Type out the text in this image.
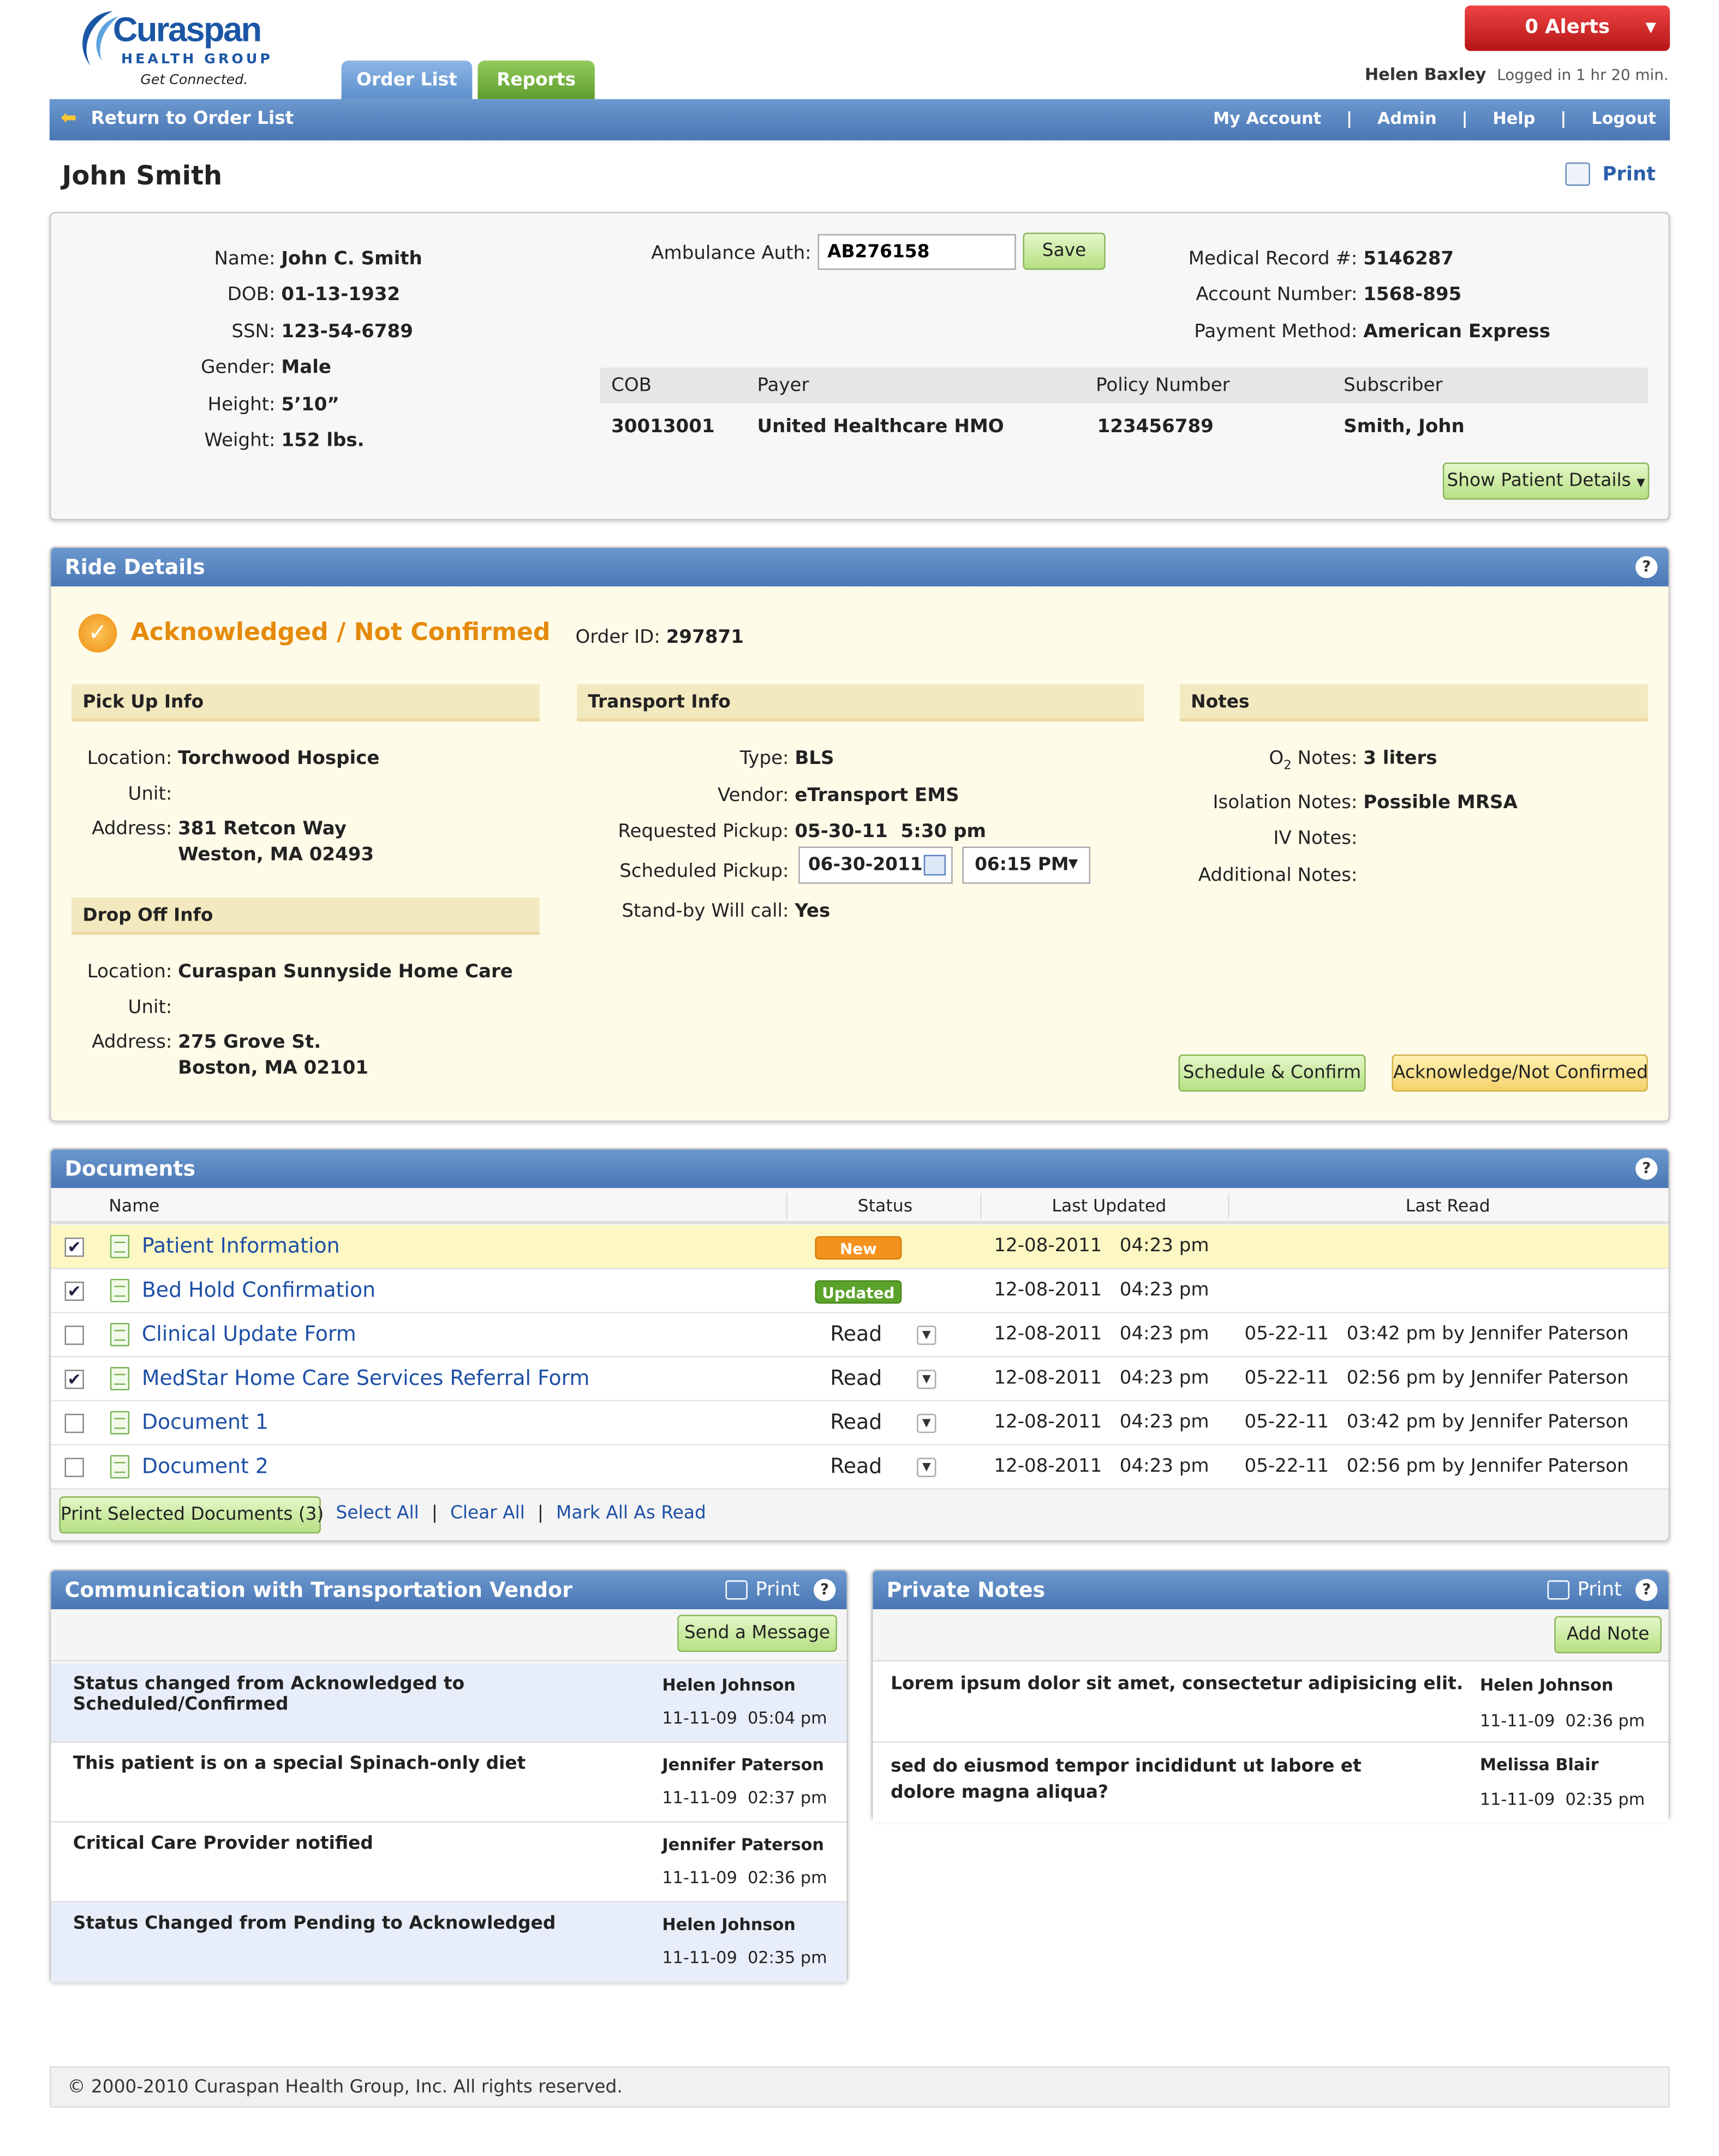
Curaspan
HEALTH GROUP
Get Connected.	Order List	Reports
0 Alerts	▼
Helen Baxley Logged in 1 hr 20 min.
⬅ Return to Order List	My Account	|	Admin	|	Help	|	Logout
John Smith	Print
Name: John C. Smith
DOB: 01-13-1932
SSN: 123-54-6789
Gender: Male
Height: 5’10”
Weight: 152 lbs.
Ambulance Auth:
AB276158	Save	Medical Record #: 5146287
Account Number: 1568-895
Payment Method: American Express
COB	Payer	Policy Number	Subscriber
30013001	United Healthcare HMO	123456789	Smith, John
Show Patient Details ▼
Ride Details	?
✓	Acknowledged / Not Confirmed	Order ID: 297871
Pick Up Info
Location: Torchwood Hospice
Unit:
Address: 381 Retcon Way
Weston, MA 02493
Drop Off Info
Location: Curaspan Sunnyside Home Care
Unit:
Address: 275 Grove St.
Boston, MA 02101
Transport Info
Type: BLS
Vendor: eTransport EMS
Requested Pickup: 05-30-11  5:30 pm
Scheduled Pickup:
Stand-by Will call: Yes
06-30-2011	06:15 PM ▼
Notes
$O_2$ Notes: 3 liters
Isolation Notes: Possible MRSA
IV Notes:
Additional Notes:
Schedule & Confirm	Acknowledge/Not Confirmed
Documents	?
Name	Status	Last Updated	Last Read
✔	Patient Information	New	12-08-2011   04:23 pm
✔	Bed Hold Confirmation	Updated	12-08-2011   04:23 pm
Clinical Update Form	Read	▼	12-08-2011   04:23 pm	05-22-11   03:42 pm by Jennifer Paterson
✔	MedStar Home Care Services Referral Form	Read	▼	12-08-2011   04:23 pm	05-22-11   02:56 pm by Jennifer Paterson
Document 1	Read	▼	12-08-2011   04:23 pm	05-22-11   03:42 pm by Jennifer Paterson
Document 2	Read	▼	12-08-2011   04:23 pm	05-22-11   02:56 pm by Jennifer Paterson
Print Selected Documents (3) Select All | Clear All | Mark All As Read
Communication with Transportation Vendor	Print	?
Send a Message
Status changed from Acknowledged to Scheduled/Confirmed
Helen Johnson
11-11-09  05:04 pm
This patient is on a special Spinach-only diet	Jennifer Paterson
11-11-09  02:37 pm
Critical Care Provider notified	Jennifer Paterson
11-11-09  02:36 pm
Status Changed from Pending to Acknowledged	Helen Johnson
11-11-09  02:35 pm
Private Notes	Print	?
Add Note
Lorem ipsum dolor sit amet, consectetur adipisicing elit.	Helen Johnson
11-11-09  02:36 pm
sed do eiusmod tempor incididunt ut labore et dolore magna aliqua?
Melissa Blair
11-11-09  02:35 pm
© 2000-2010 Curaspan Health Group, Inc. All rights reserved.
